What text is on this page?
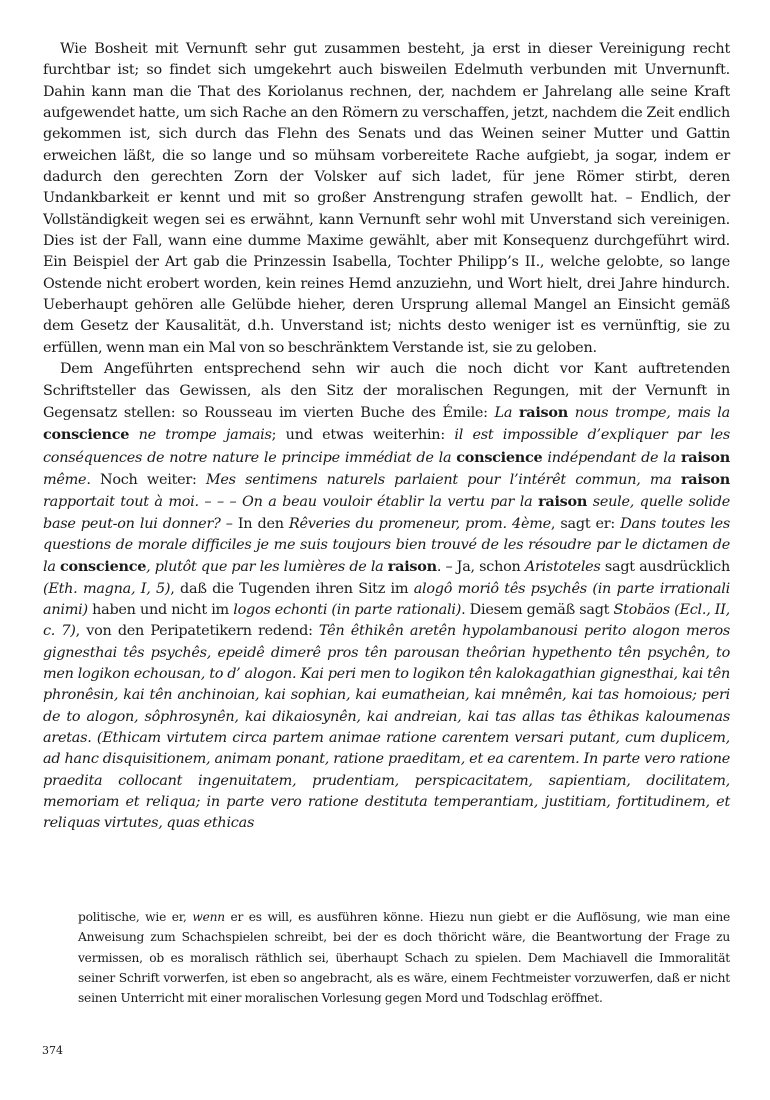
Wie Bosheit mit Vernunft sehr gut zusammen besteht, ja erst in dieser Vereinigung recht furchtbar ist; so findet sich umgekehrt auch bisweilen Edelmuth verbunden mit Unvernunft. Dahin kann man die That des Koriolanus rechnen, der, nachdem er Jahrelang alle seine Kraft aufgewendet hatte, um sich Rache an den Römern zu verschaffen, jetzt, nachdem die Zeit endlich gekommen ist, sich durch das Flehn des Senats und das Weinen seiner Mutter und Gattin erweichen läßt, die so lange und so mühsam vorbereitete Rache aufgiebt, ja sogar, indem er dadurch den gerechten Zorn der Volsker auf sich ladet, für jene Römer stirbt, deren Undankbarkeit er kennt und mit so großer Anstrengung strafen gewollt hat. – Endlich, der Vollständigkeit wegen sei es erwähnt, kann Vernunft sehr wohl mit Unverstand sich vereinigen. Dies ist der Fall, wann eine dumme Maxime gewählt, aber mit Konsequenz durchgeführt wird. Ein Beispiel der Art gab die Prinzessin Isabella, Tochter Philipp’s II., welche gelobte, so lange Ostende nicht erobert worden, kein reines Hemd anzuziehn, und Wort hielt, drei Jahre hindurch. Ueberhaupt gehören alle Gelübde hieher, deren Ursprung allemal Mangel an Einsicht gemäß dem Gesetz der Kausalität, d.h. Unverstand ist; nichts desto weniger ist es vernünftig, sie zu erfüllen, wenn man ein Mal von so beschränktem Verstande ist, sie zu geloben.

Dem Angeführten entsprechend sehn wir auch die noch dicht vor Kant auftretenden Schriftsteller das Gewissen, als den Sitz der moralischen Regungen, mit der Vernunft in Gegensatz stellen: so Rousseau im vierten Buche des Émile: La raison nous trompe, mais la conscience ne trompe jamais; und etwas weiterhin: il est impossible d’expliquer par les conséquences de notre nature le principe immédiat de la conscience indépendant de la raison même. Noch weiter: Mes sentimens naturels parlaient pour l’intérêt commun, ma raison rapportait tout à moi. – – – On a beau vouloir établir la vertu par la raison seule, quelle solide base peut-on lui donner? – In den Rêveries du promeneur, prom. 4ème, sagt er: Dans toutes les questions de morale difficiles je me suis toujours bien trouvé de les résoudre par le dictamen de la conscience, plutôt que par les lumières de la raison. – Ja, schon Aristoteles sagt ausdrücklich (Eth. magna, I, 5), daß die Tugenden ihren Sitz im alogô moriô tês psychês (in parte irrationali animi) haben und nicht im logos echonti (in parte rationali). Diesem gemäß sagt Stobäos (Ecl., II, c. 7), von den Peripatetikern redend: Tên êthikên aretên hypolambanousi perito alogon meros gignesthai tês psychês, epeidê dimerê pros tên parousan theôrian hypethento tên psychên, to men logikon echousan, to d’ alogon. Kai peri men to logikon tên kalokagathian gignesthai, kai tên phronêsin, kai tên anchinoian, kai sophian, kai eumatheian, kai mnêmên, kai tas homoious; peri de to alogon, sôphrosynên, kai dikaiosynên, kai andreian, kai tas allas tas êthikas kaloumenas aretas. (Ethicam virtutem circa partem animae ratione carentem versari putant, cum duplicem, ad hanc disquisitionem, animam ponant, ratione praeditam, et ea carentem. In parte vero ratione praedita collocant ingenuitatem, prudentiam, perspicacitatem, sapientiam, docilitatem, memoriam et reliqua; in parte vero ratione destituta temperantiam, justitiam, fortitudinem, et reliquas virtutes, quas ethicas

politische, wie er, wenn er es will, es ausführen könne. Hiezu nun giebt er die Auflösung, wie man eine Anweisung zum Schachspielen schreibt, bei der es doch thöricht wäre, die Beantwortung der Frage zu vermissen, ob es moralisch räthlich sei, überhaupt Schach zu spielen. Dem Machiavell die Immoralität seiner Schrift vorwerfen, ist eben so angebracht, als es wäre, einem Fechtmeister vorzuwerfen, daß er nicht seinen Unterricht mit einer moralischen Vorlesung gegen Mord und Todschlag eröffnet.

374
